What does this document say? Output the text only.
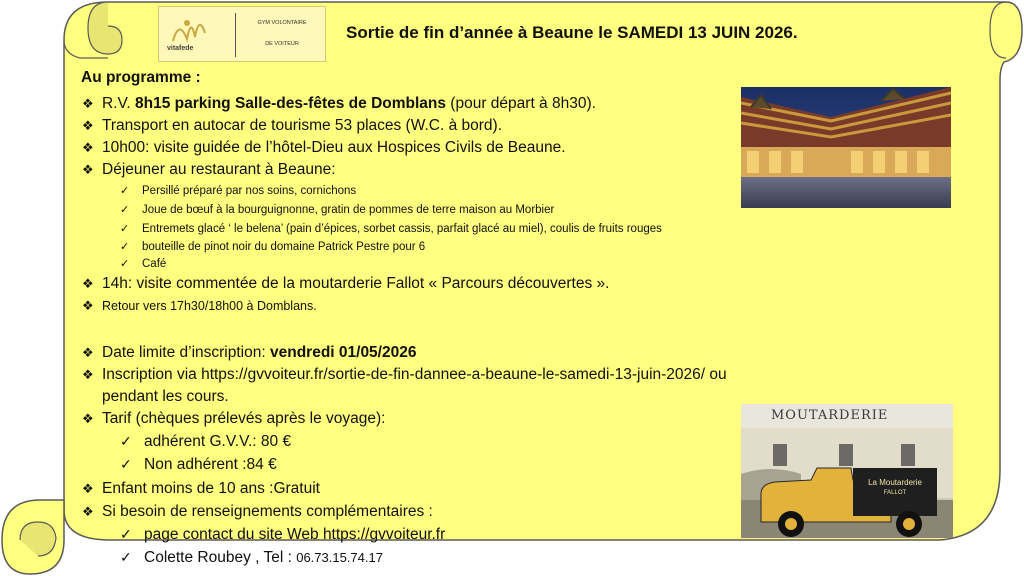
vitafede
GYM VOLONTAIRE
DE VOITEUR
Sortie de fin d’année à Beaune le SAMEDI 13 JUIN 2026.
Au programme :
❖ R.V. 8h15 parking Salle-des-fêtes de Domblans (pour départ à 8h30).
❖ Transport en autocar de tourisme 53 places (W.C. à bord).
❖ 10h00: visite guidée de l’hôtel-Dieu aux Hospices Civils de Beaune.
❖ Déjeuner au restaurant à Beaune:
✓ Persillé préparé par nos soins, cornichons
✓ Joue de bœuf à la bourguignonne, gratin de pommes de terre maison au Morbier
✓ Entremets glacé ‘ le belena’ (pain d’épices, sorbet cassis, parfait glacé au miel), coulis de fruits rouges
✓ bouteille de pinot noir du domaine Patrick Pestre pour 6
✓ Café
❖ 14h: visite commentée de la moutarderie Fallot « Parcours découvertes ».
❖ Retour vers 17h30/18h00 à Domblans.
❖ Date limite d’inscription: vendredi 01/05/2026
❖ Inscription via https://gvvoiteur.fr/sortie-de-fin-dannee-a-beaune-le-samedi-13-juin-2026/ ou
pendant les cours.
❖ Tarif (chèques prélevés après le voyage):
✓ adhérent G.V.V.: 80 €
✓ Non adhérent :84 €
❖ Enfant moins de 10 ans :Gratuit
❖ Si besoin de renseignements complémentaires :
✓ page contact du site Web https://gvvoiteur.fr
✓ Colette Roubey , Tel : 06.73.15.74.17
MOUTARDERIE
La Moutarderie
FALLOT
